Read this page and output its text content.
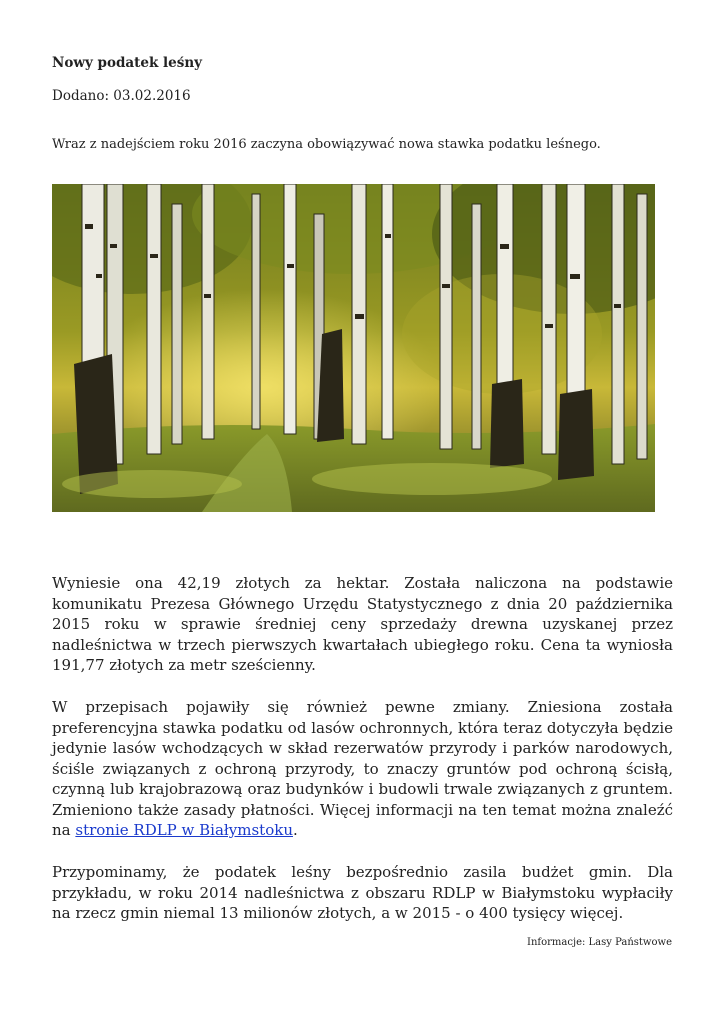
Nowy podatek leśny
Dodano: 03.02.2016
Wraz z nadejściem roku 2016 zaczyna obowiązywać nowa stawka podatku leśnego.
Wyniesie ona 42,19 złotych za hektar. Została naliczona na podstawie komunikatu Prezesa Głównego Urzędu Statystycznego z dnia 20 października 2015 roku w sprawie średniej ceny sprzedaży drewna uzyskanej przez nadleśnictwa w trzech pierwszych kwartałach ubiegłego roku. Cena ta wyniosła 191,77 złotych za metr sześcienny.
W przepisach pojawiły się również pewne zmiany. Zniesiona została preferencyjna stawka podatku od lasów ochronnych, która teraz dotyczyła będzie jedynie lasów wchodzących w skład rezerwatów przyrody i parków narodowych, ściśle związanych z ochroną przyrody, to znaczy gruntów pod ochroną ścisłą, czynną lub krajobrazową oraz budynków i budowli trwale związanych z gruntem. Zmieniono także zasady płatności. Więcej informacji na ten temat można znaleźć na stronie RDLP w Białymstoku.
Przypominamy, że podatek leśny bezpośrednio zasila budżet gmin. Dla przykładu, w roku 2014 nadleśnictwa z obszaru RDLP w Białymstoku wypłaciły na rzecz gmin niemal 13 milionów złotych, a w 2015 - o 400 tysięcy więcej.
Informacje: Lasy Państwowe
